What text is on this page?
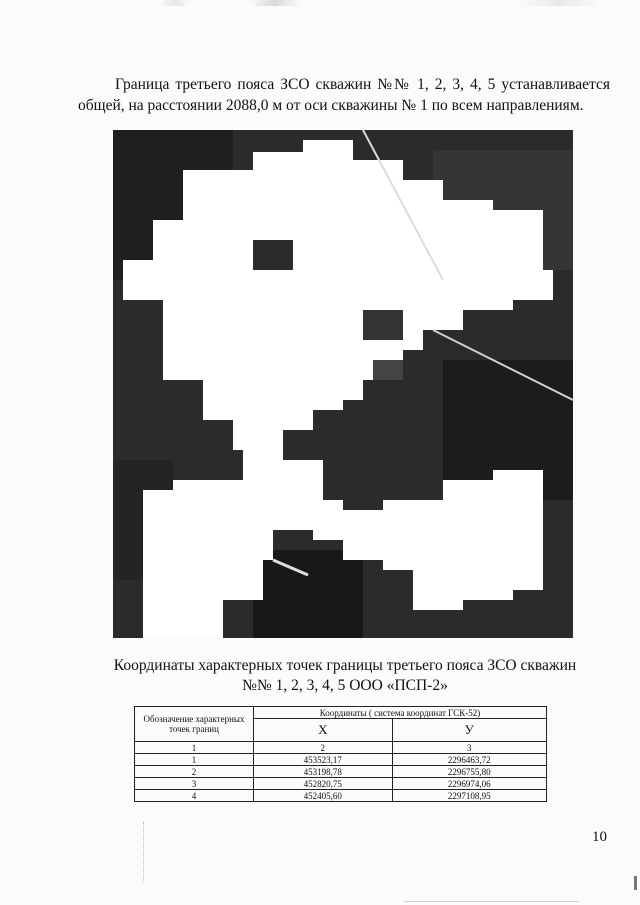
Граница третьего пояса ЗСО скважин №№ 1, 2, 3, 4, 5 устанавливается общей, на расстоянии 2088,0 м от оси скважины № 1 по всем направлениям.

Координаты характерных точек границы третьего пояса ЗСО скважин
№№ 1, 2, 3, 4, 5 ООО «ПСП-2»
Обозначение характерных точек границ	Координаты ( система координат ГСК-52)	
	X	У
1	2	3
1	453523,17	2296463,72
2	453198,78	2296755,80
3	452820,75	2296974,06
4	452405,60	2297108,95
10
